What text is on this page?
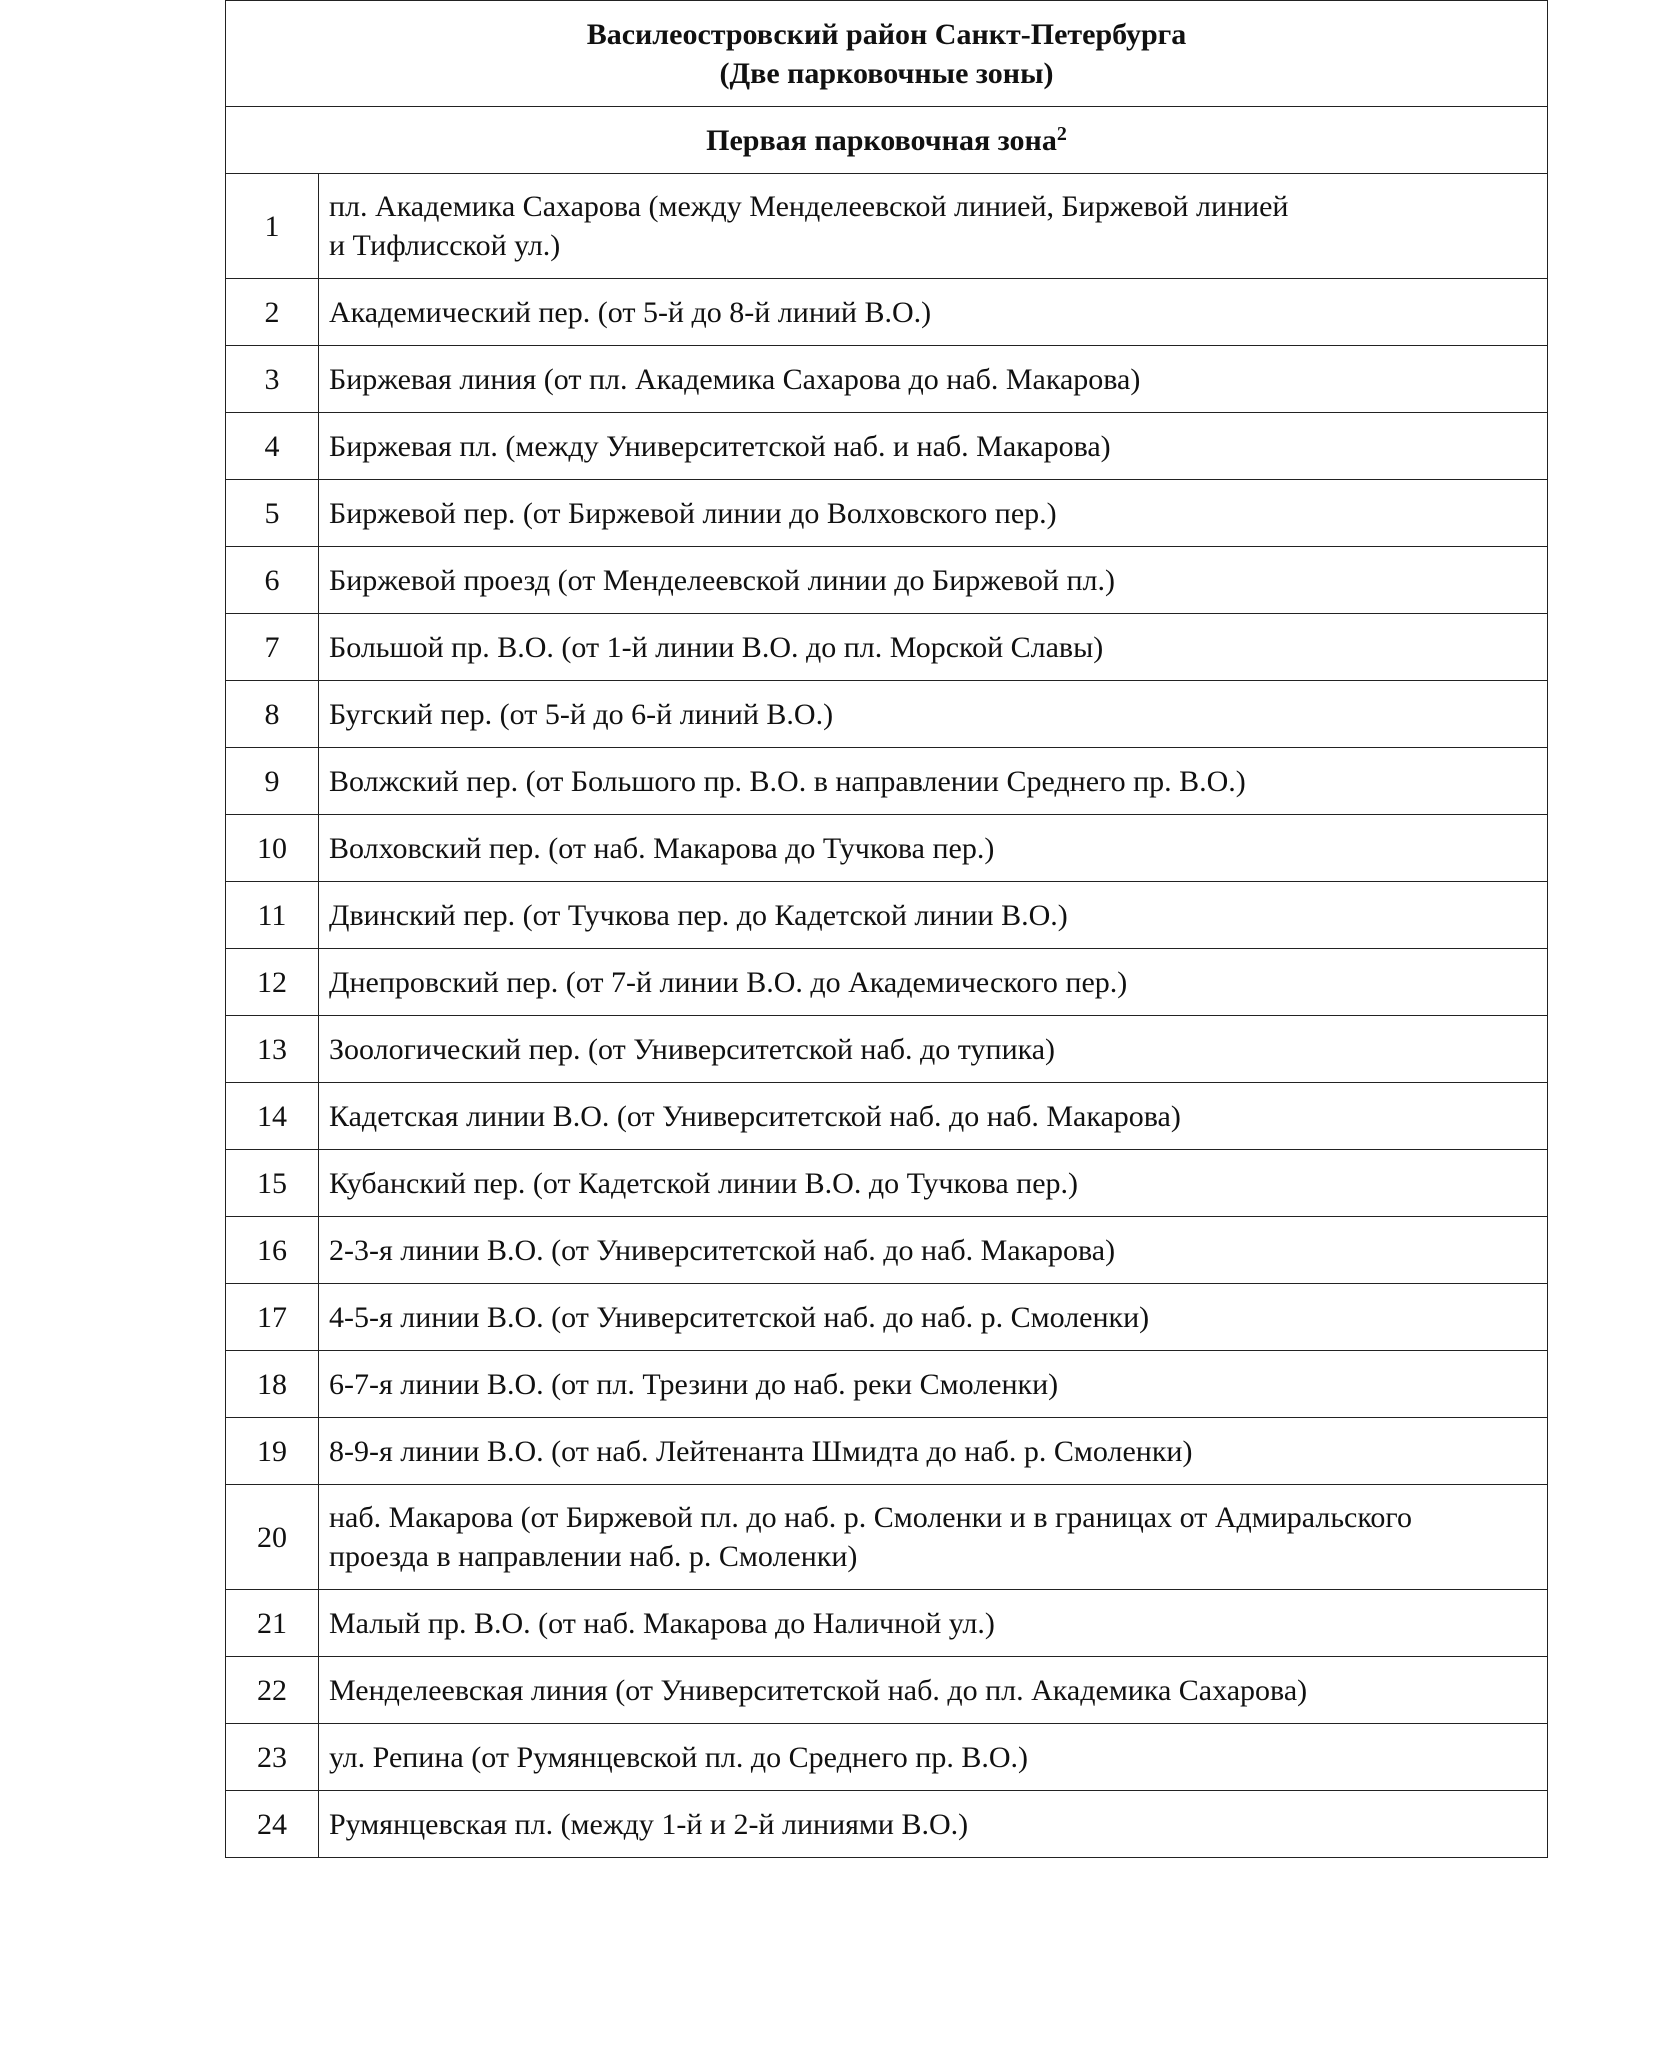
Василеостровский район Санкт-Петербурга
(Две парковочные зоны)	

Первая парковочная зона$^2$
1	пл. Академика Сахарова (между Менделеевской линией, Биржевой линией
и Тифлисской ул.)

2	Академический пер. (от 5-й до 8-й линий В.О.)

3	Биржевая линия (от пл. Академика Сахарова до наб. Макарова)

4	Биржевая пл. (между Университетской наб. и наб. Макарова)

5	Биржевой пер. (от Биржевой линии до Волховского пер.)

6	Биржевой проезд (от Менделеевской линии до Биржевой пл.)

7	Большой пр. В.О. (от 1-й линии В.О. до пл. Морской Славы)

8	Бугский пер. (от 5-й до 6-й линий В.О.)

9	Волжский пер. (от Большого пр. В.О. в направлении Среднего пр. В.О.)

10	Волховский пер. (от наб. Макарова до Тучкова пер.)

11	Двинский пер. (от Тучкова пер. до Кадетской линии В.О.)

12	Днепровский пер. (от 7-й линии В.О. до Академического пер.)

13	Зоологический пер. (от Университетской наб. до тупика)

14	Кадетская линии В.О. (от Университетской наб. до наб. Макарова)

15	Кубанский пер. (от Кадетской линии В.О. до Тучкова пер.)

16	2-3-я линии В.О. (от Университетской наб. до наб. Макарова)

17	4-5-я линии В.О. (от Университетской наб. до наб. р. Смоленки)

18	6-7-я линии В.О. (от пл. Трезини до наб. реки Смоленки)

19	8-9-я линии В.О. (от наб. Лейтенанта Шмидта до наб. р. Смоленки)

20	наб. Макарова (от Биржевой пл. до наб. р. Смоленки и в границах от Адмиральского
проезда в направлении наб. р. Смоленки)

21	Малый пр. В.О. (от наб. Макарова до Наличной ул.)

22	Менделеевская линия (от Университетской наб. до пл. Академика Сахарова)

23	ул. Репина (от Румянцевской пл. до Среднего пр. В.О.)

24	Румянцевская пл. (между 1-й и 2-й линиями В.О.)
